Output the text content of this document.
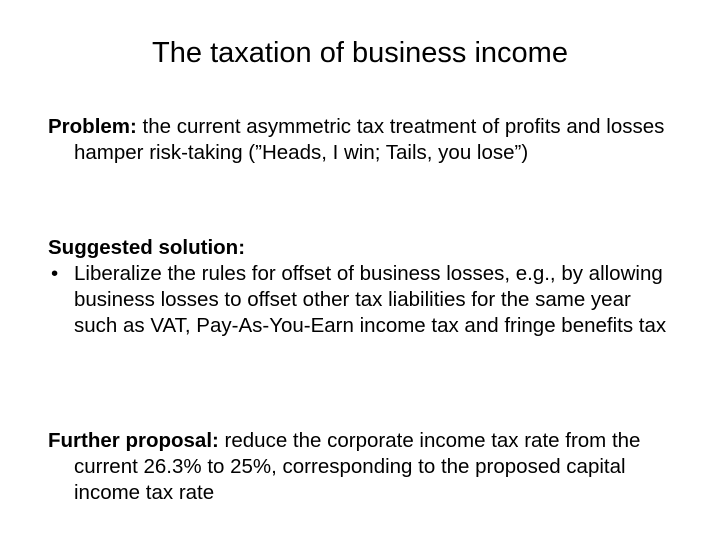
The taxation of business income

Problem: the current asymmetric tax treatment of profits and losses hamper risk-taking (”Heads, I win; Tails, you lose”)

Suggested solution:

• Liberalize the rules for offset of business losses, e.g., by allowing business losses to offset other tax liabilities for the same year such as VAT, Pay-As-You-Earn income tax and fringe benefits tax

Further proposal: reduce the corporate income tax rate from the current 26.3% to 25%, corresponding to the proposed capital income tax rate
